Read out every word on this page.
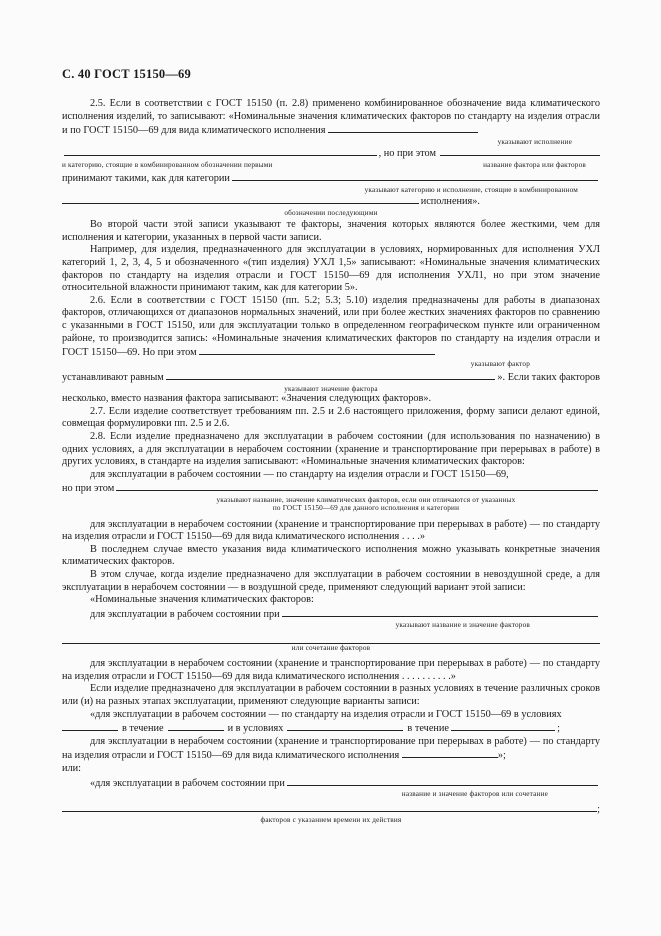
С. 40 ГОСТ 15150—69

2.5. Если в соответствии с ГОСТ 15150 (п. 2.8) применено комбинированное обозначение вида климатического исполнения изделий, то записывают: «Номинальные значения климатических факторов по стандарту на изделия отрасли и по ГОСТ 15150—69 для вида климатического исполнения

указывают исполнение
, но при этом
и категорию, стоящие в комбинированном обозначении первыми	название фактора или факторов
принимают такими, как для категории
указывают категорию и исполнение, стоящие в комбинированном
исполнения».
обозначении последующими

Во второй части этой записи указывают те факторы, значения которых являются более жесткими, чем для исполнения и категории, указанных в первой части записи.

Например, для изделия, предназначенного для эксплуатации в условиях, нормированных для исполнения УХЛ категорий 1, 2, 3, 4, 5 и обозначенного «(тип изделия) УХЛ 1,5» записывают: «Номинальные значения климатических факторов по стандарту на изделия отрасли и ГОСТ 15150—69 для исполнения УХЛ1, но при этом значение относительной влажности принимают таким, как для категории 5».

2.6. Если в соответствии с ГОСТ 15150 (пп. 5.2; 5.3; 5.10) изделия предназначены для работы в диапазонах факторов, отличающихся от диапазонов нормальных значений, или при более жестких значениях факторов по сравнению с указанными в ГОСТ 15150, или для эксплуатации только в определенном географическом пункте или ограниченном районе, то производится запись: «Номинальные значения климатических факторов по стандарту на изделия отрасли и ГОСТ 15150—69. Но при этом

указывают фактор
устанавливают равным	». Если таких факторов
указывают значение фактора

несколько, вместо названия фактора записывают: «Значения следующих факторов».

2.7. Если изделие соответствует требованиям пп. 2.5 и 2.6 настоящего приложения, форму записи делают единой, совмещая формулировки пп. 2.5 и 2.6.

2.8. Если изделие предназначено для эксплуатации в рабочем состоянии (для использования по назначению) в одних условиях, а для эксплуатации в нерабочем состоянии (хранение и транспортирование при перерывах в работе) в других условиях, в стандарте на изделия записывают: «Номинальные значения климатических факторов:

для эксплуатации в рабочем состоянии — по стандарту на изделия отрасли и ГОСТ 15150—69,

но при этом
указывают название, значение климатических факторов, если они отличаются от указанных
по ГОСТ 15150—69 для данного исполнения и категории

для эксплуатации в нерабочем состоянии (хранение и транспортирование при перерывах в работе) — по стандарту на изделия отрасли и ГОСТ 15150—69 для вида климатического исполнения . . . .»

В последнем случае вместо указания вида климатического исполнения можно указывать конкретные значения климатических факторов.

В этом случае, когда изделие предназначено для эксплуатации в рабочем состоянии в невоздушной среде, а для эксплуатации в нерабочем состоянии — в воздушной среде, применяют следующий вариант этой записи:

«Номинальные значения климатических факторов:

для эксплуатации в рабочем состоянии при
указывают название и значение факторов
или сочетание факторов

для эксплуатации в нерабочем состоянии (хранение и транспортирование при перерывах в работе) — по стандарту на изделия отрасли и ГОСТ 15150—69 для вида климатического исполнения . . . . . . . . . .»

Если изделие предназначено для эксплуатации в рабочем состоянии в разных условиях в течение различных сроков или (и) на разных этапах эксплуатации, применяют следующие варианты записи:

«для эксплуатации в рабочем состоянии — по стандарту на изделия отрасли и ГОСТ 15150—69 в условиях

в течение	и в условиях	в течение	;

для эксплуатации в нерабочем состоянии (хранение и транспортирование при перерывах в работе) — по стандарту на изделия отрасли и ГОСТ 15150—69 для вида климатического исполнения	»;

или:

«для эксплуатации в рабочем состоянии при
название и значение факторов или сочетание
;
факторов с указанием времени их действия
